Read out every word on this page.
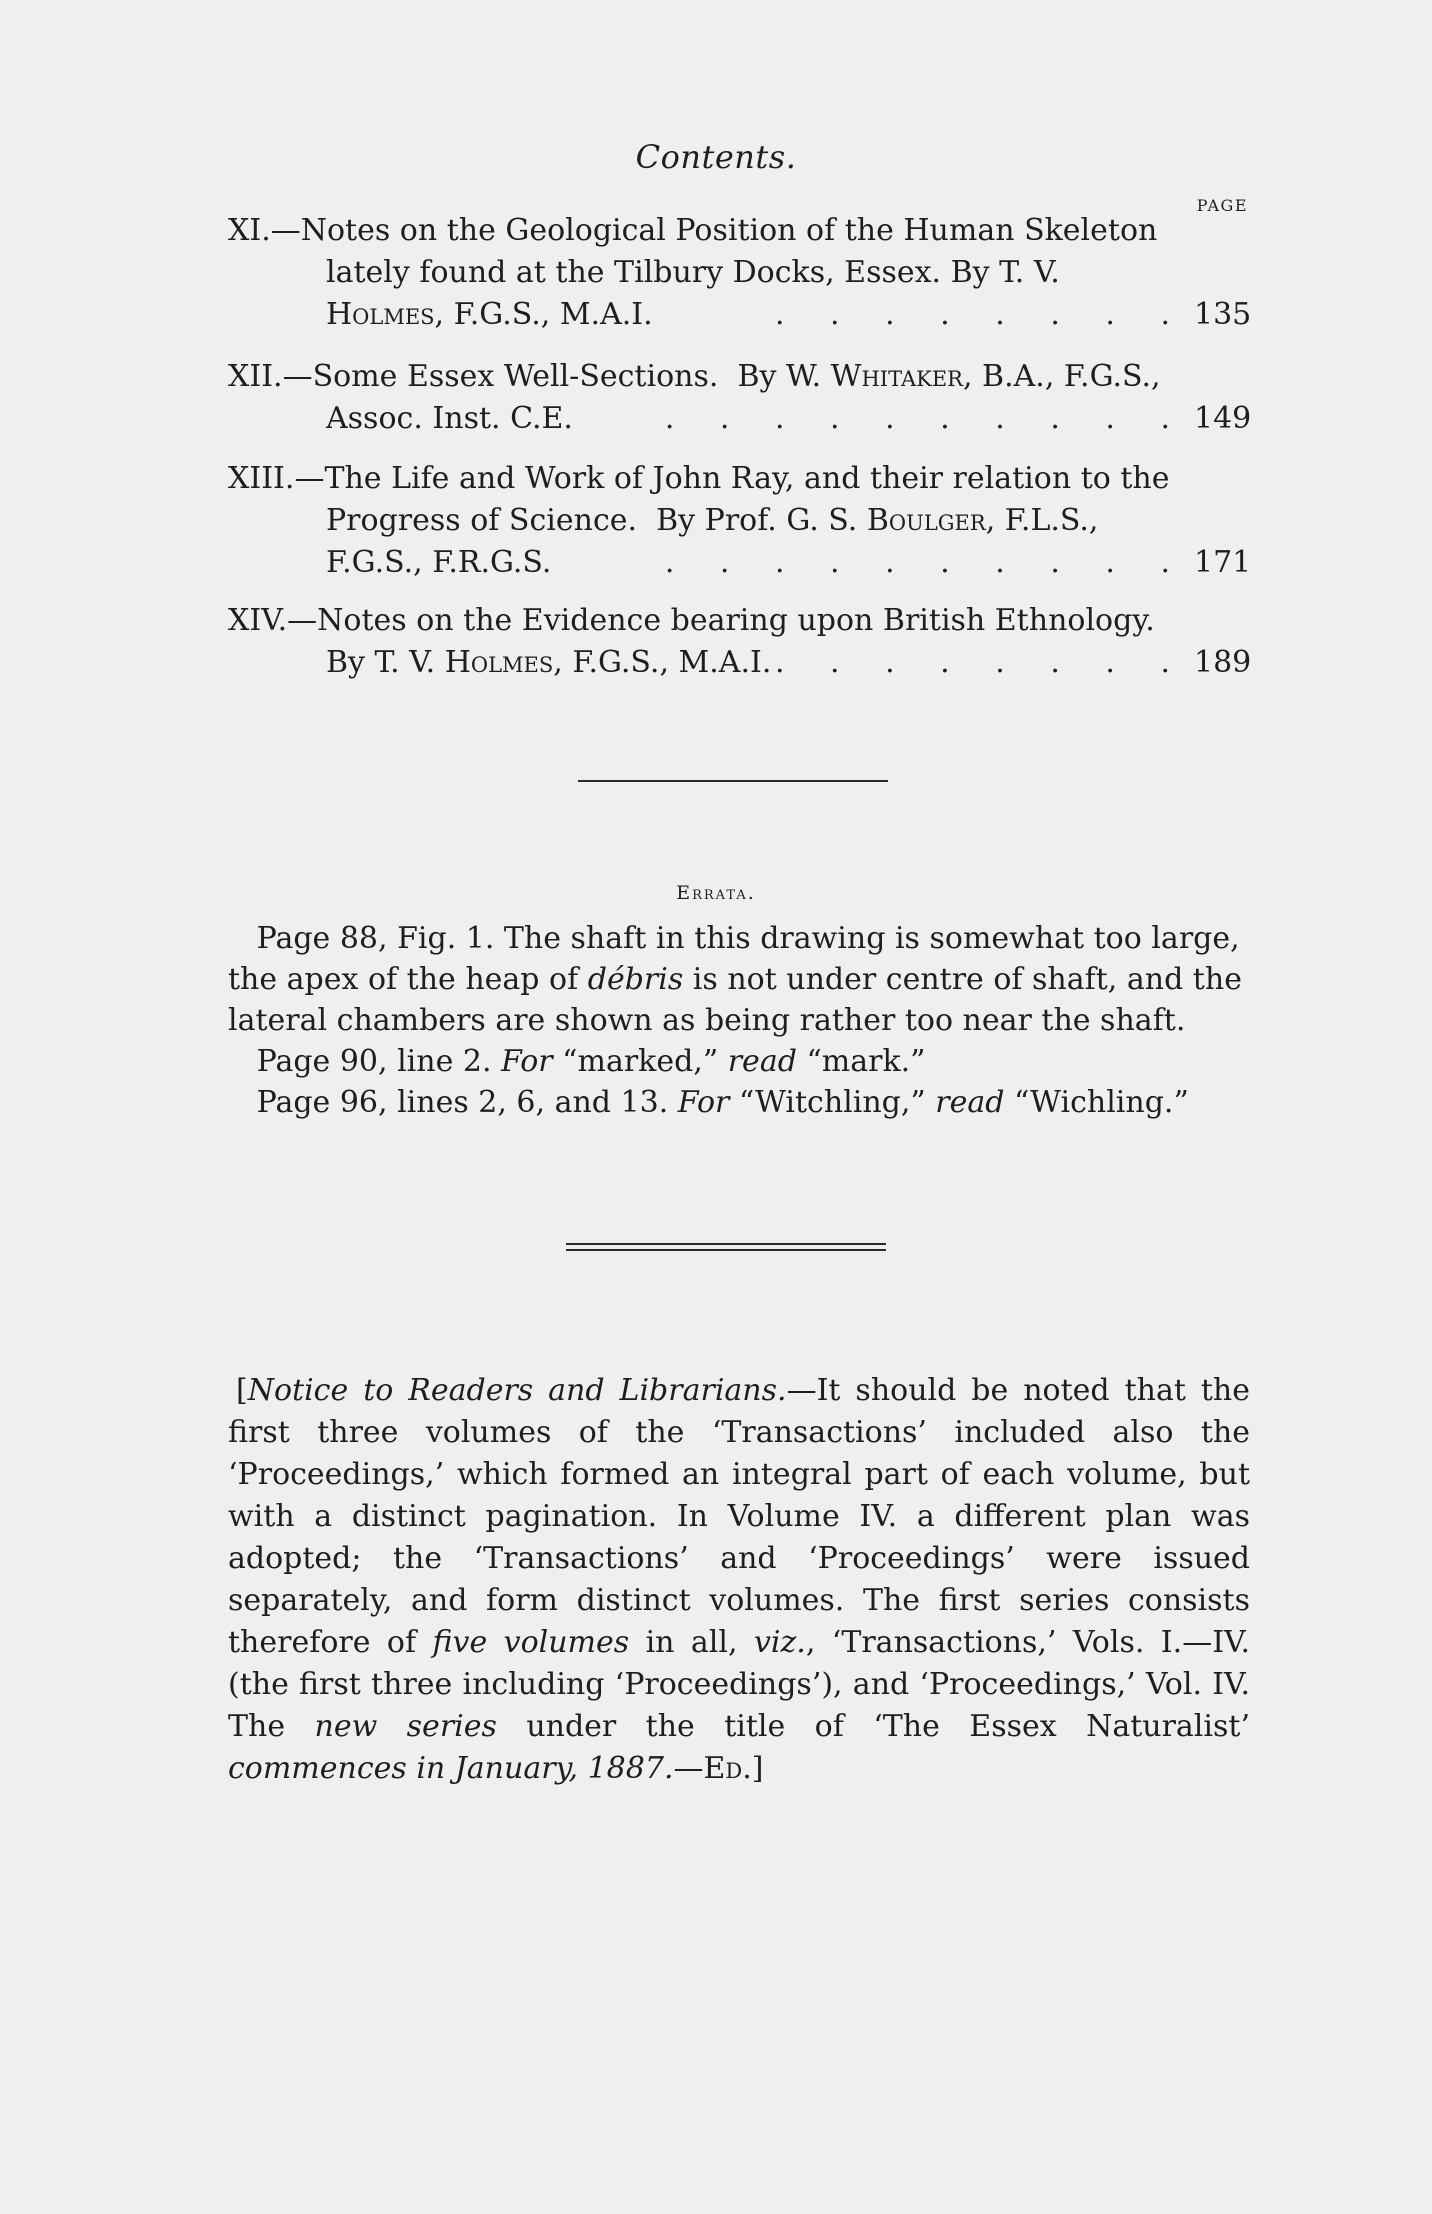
Contents.
PAGE
XI.—Notes on the Geological Position of the Human Skeleton
lately found at the Tilbury Docks, Essex. By T. V.
Holmes, F.G.S., M.A.I.	. . . . . . . . 135
XII.—Some Essex Well-Sections.  By W. Whitaker, B.A., F.G.S.,
Assoc. Inst. C.E.	. . . . . . . . . . 149
XIII.—The Life and Work of John Ray, and their relation to the
Progress of Science.  By Prof. G. S. Boulger, F.L.S.,
F.G.S., F.R.G.S.	. . . . . . . . . . 171
XIV.—Notes on the Evidence bearing upon British Ethnology.
By T. V. Holmes, F.G.S., M.A.I. . . . . . . . . 189
Errata.

Page 88, Fig. 1. The shaft in this drawing is somewhat too large, the apex of the heap of débris is not under centre of shaft, and the lateral chambers are shown as being rather too near the shaft.

Page 90, line 2. For “marked,” read “mark.”

Page 96, lines 2, 6, and 13. For “Witchling,” read “Wichling.”

[Notice to Readers and Librarians.—It should be noted that the first three volumes of the ‘Transactions’ included also the ‘Proceedings,’ which formed an integral part of each volume, but with a distinct pagination. In Volume IV. a different plan was adopted; the ‘Transactions’ and ‘Proceedings’ were issued separately, and form distinct volumes. The first series consists therefore of five volumes in all, viz., ‘Transactions,’ Vols. I.—IV. (the first three including ‘Proceedings’), and ‘Proceedings,’ Vol. IV. The new series under the title of ‘The Essex Naturalist’ commences in January, 1887.—Ed.]
